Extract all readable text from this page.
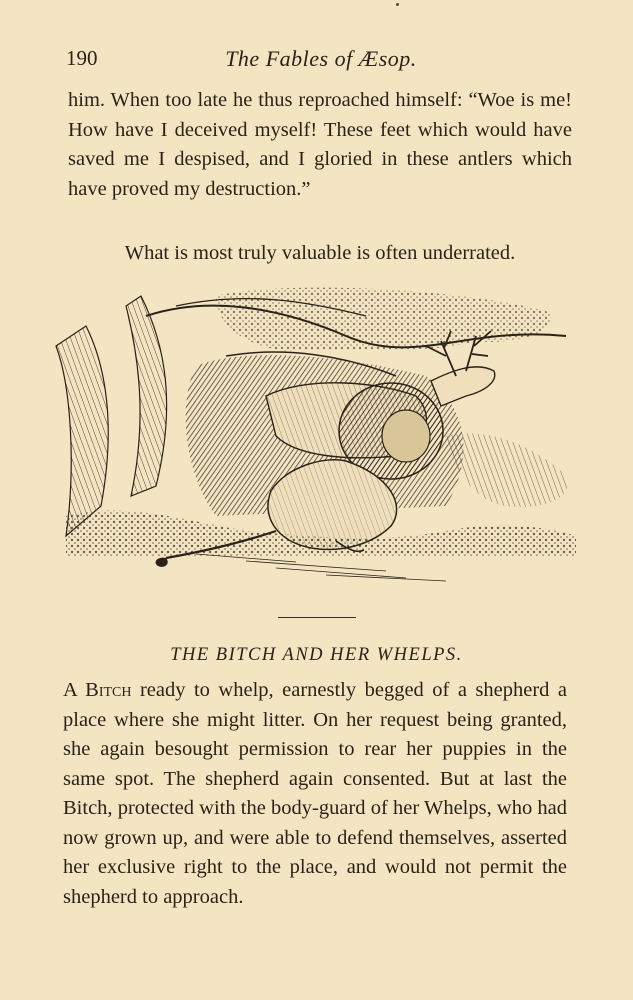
190	The Fables of Æsop.

him. When too late he thus reproached himself: “Woe is me! How have I deceived myself! These feet which would have saved me I despised, and I gloried in these antlers which have proved my destruction.”

What is most truly valuable is often underrated.
THE BITCH AND HER WHELPS.

A Bitch ready to whelp, earnestly begged of a shepherd a place where she might litter. On her request being granted, she again besought permission to rear her puppies in the same spot. The shepherd again consented. But at last the Bitch, protected with the body-guard of her Whelps, who had now grown up, and were able to defend themselves, asserted her exclusive right to the place, and would not permit the shepherd to approach.
